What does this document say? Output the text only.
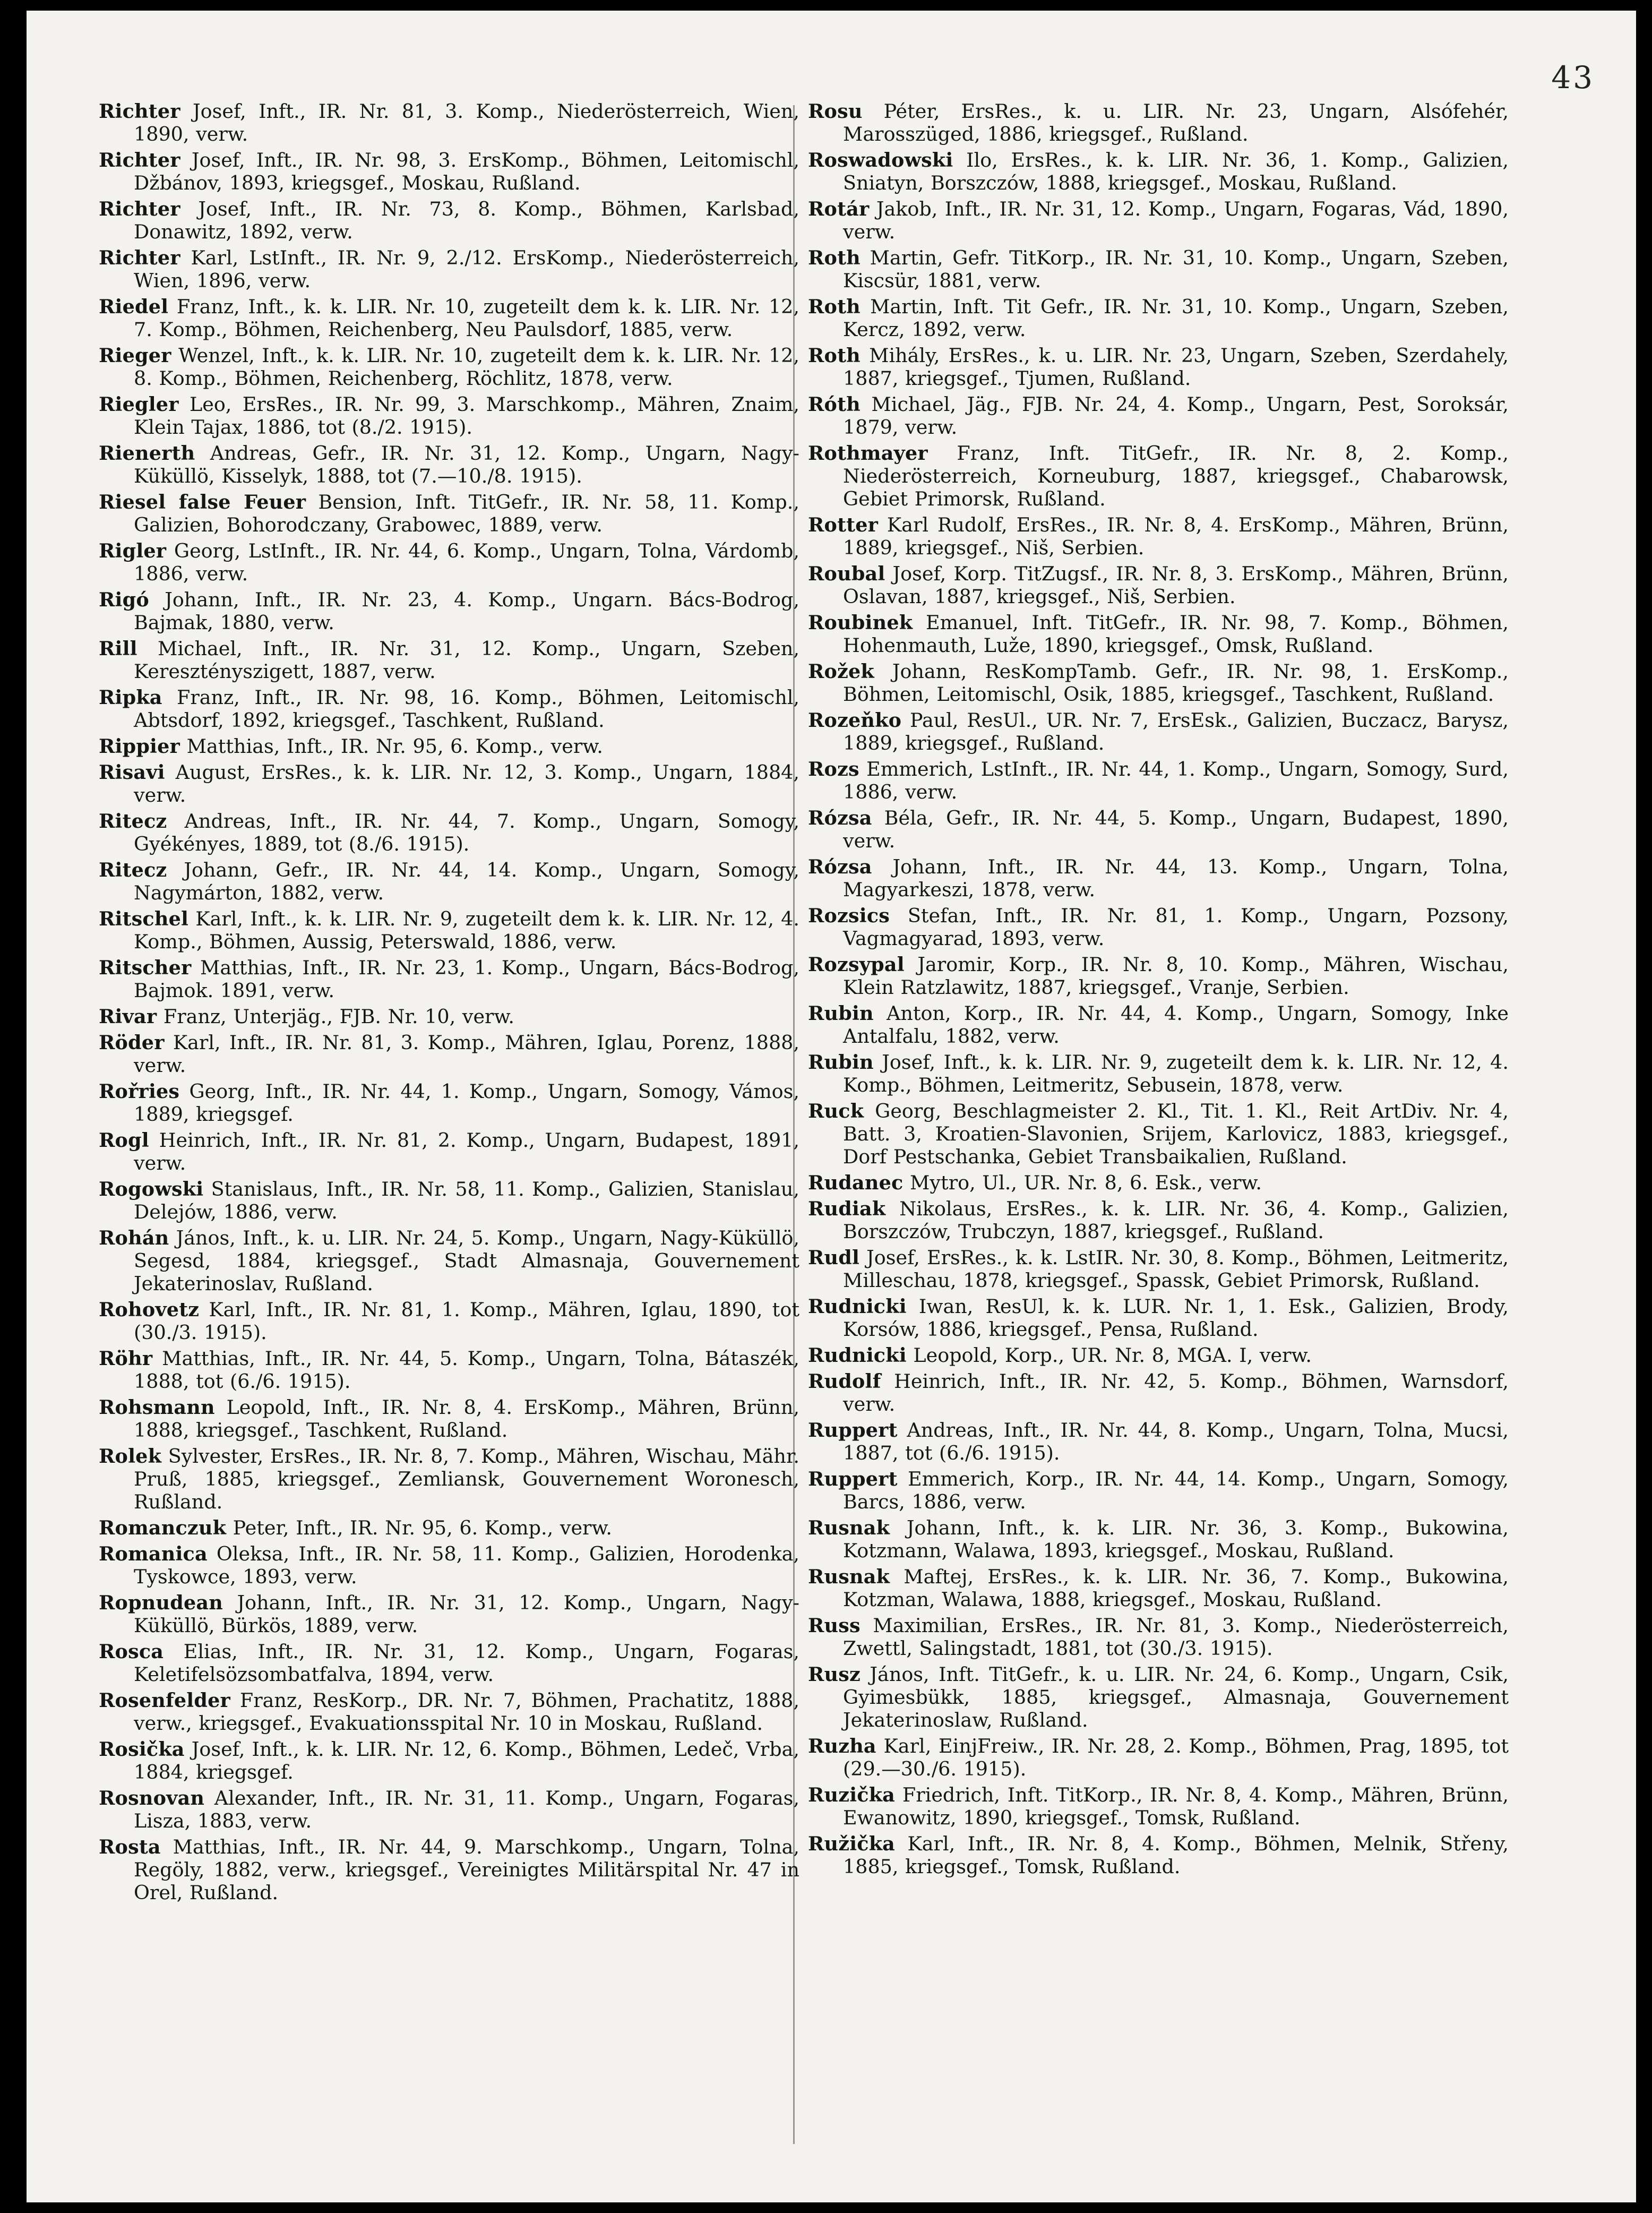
43

Richter Josef, Inft., IR. Nr. 81, 3. Komp., Niederösterreich, Wien, 1890, verw.

Richter Josef, Inft., IR. Nr. 98, 3. ErsKomp., Böhmen, Leitomischl, Džbánov, 1893, kriegsgef., Moskau, Rußland.

Richter Josef, Inft., IR. Nr. 73, 8. Komp., Böhmen, Karlsbad, Donawitz, 1892, verw.

Richter Karl, LstInft., IR. Nr. 9, 2./12. ErsKomp., Niederösterreich, Wien, 1896, verw.

Riedel Franz, Inft., k. k. LIR. Nr. 10, zugeteilt dem k. k. LIR. Nr. 12, 7. Komp., Böhmen, Reichenberg, Neu Paulsdorf, 1885, verw.

Rieger Wenzel, Inft., k. k. LIR. Nr. 10, zugeteilt dem k. k. LIR. Nr. 12, 8. Komp., Böhmen, Reichenberg, Röchlitz, 1878, verw.

Riegler Leo, ErsRes., IR. Nr. 99, 3. Marschkomp., Mähren, Znaim, Klein Tajax, 1886, tot (8./2. 1915).

Rienerth Andreas, Gefr., IR. Nr. 31, 12. Komp., Ungarn, Nagy-Küküllö, Kisselyk, 1888, tot (7.—10./8. 1915).

Riesel false Feuer Bension, Inft. TitGefr., IR. Nr. 58, 11. Komp., Galizien, Bohorodczany, Grabowec, 1889, verw.

Rigler Georg, LstInft., IR. Nr. 44, 6. Komp., Ungarn, Tolna, Várdomb, 1886, verw.

Rigó Johann, Inft., IR. Nr. 23, 4. Komp., Ungarn. Bács-Bodrog, Bajmak, 1880, verw.

Rill Michael, Inft., IR. Nr. 31, 12. Komp., Ungarn, Szeben, Keresztényszigett, 1887, verw.

Ripka Franz, Inft., IR. Nr. 98, 16. Komp., Böhmen, Leitomischl, Abtsdorf, 1892, kriegsgef., Taschkent, Rußland.

Rippier Matthias, Inft., IR. Nr. 95, 6. Komp., verw.

Risavi August, ErsRes., k. k. LIR. Nr. 12, 3. Komp., Ungarn, 1884, verw.

Ritecz Andreas, Inft., IR. Nr. 44, 7. Komp., Ungarn, Somogy, Gyékényes, 1889, tot (8./6. 1915).

Ritecz Johann, Gefr., IR. Nr. 44, 14. Komp., Ungarn, Somogy, Nagymárton, 1882, verw.

Ritschel Karl, Inft., k. k. LIR. Nr. 9, zugeteilt dem k. k. LIR. Nr. 12, 4. Komp., Böhmen, Aussig, Peterswald, 1886, verw.

Ritscher Matthias, Inft., IR. Nr. 23, 1. Komp., Ungarn, Bács-Bodrog, Bajmok. 1891, verw.

Rivar Franz, Unterjäg., FJB. Nr. 10, verw.

Röder Karl, Inft., IR. Nr. 81, 3. Komp., Mähren, Iglau, Porenz, 1888, verw.

Rořries Georg, Inft., IR. Nr. 44, 1. Komp., Ungarn, Somogy, Vámos, 1889, kriegsgef.

Rogl Heinrich, Inft., IR. Nr. 81, 2. Komp., Ungarn, Budapest, 1891, verw.

Rogowski Stanislaus, Inft., IR. Nr. 58, 11. Komp., Galizien, Stanislau, Delejów, 1886, verw.

Rohán János, Inft., k. u. LIR. Nr. 24, 5. Komp., Ungarn, Nagy-Küküllö, Segesd, 1884, kriegsgef., Stadt Almasnaja, Gouvernement Jekaterinoslav, Rußland.

Rohovetz Karl, Inft., IR. Nr. 81, 1. Komp., Mähren, Iglau, 1890, tot (30./3. 1915).

Röhr Matthias, Inft., IR. Nr. 44, 5. Komp., Ungarn, Tolna, Bátaszék, 1888, tot (6./6. 1915).

Rohsmann Leopold, Inft., IR. Nr. 8, 4. ErsKomp., Mähren, Brünn, 1888, kriegsgef., Taschkent, Rußland.

Rolek Sylvester, ErsRes., IR. Nr. 8, 7. Komp., Mähren, Wischau, Mähr. Pruß, 1885, kriegsgef., Zemliansk, Gouvernement Woronesch, Rußland.

Romanczuk Peter, Inft., IR. Nr. 95, 6. Komp., verw.

Romanica Oleksa, Inft., IR. Nr. 58, 11. Komp., Galizien, Horodenka, Tyskowce, 1893, verw.

Ropnudean Johann, Inft., IR. Nr. 31, 12. Komp., Ungarn, Nagy-Küküllö, Bürkös, 1889, verw.

Rosca Elias, Inft., IR. Nr. 31, 12. Komp., Ungarn, Fogaras, Keletifelsözsombatfalva, 1894, verw.

Rosenfelder Franz, ResKorp., DR. Nr. 7, Böhmen, Prachatitz, 1888, verw., kriegsgef., Evakuationsspital Nr. 10 in Moskau, Rußland.

Rosička Josef, Inft., k. k. LIR. Nr. 12, 6. Komp., Böhmen, Ledeč, Vrba, 1884, kriegsgef.

Rosnovan Alexander, Inft., IR. Nr. 31, 11. Komp., Ungarn, Fogaras, Lisza, 1883, verw.

Rosta Matthias, Inft., IR. Nr. 44, 9. Marschkomp., Ungarn, Tolna, Regöly, 1882, verw., kriegsgef., Vereinigtes Militärspital Nr. 47 in Orel, Rußland.

Rosu Péter, ErsRes., k. u. LIR. Nr. 23, Ungarn, Alsófehér, Marosszüged, 1886, kriegsgef., Rußland.

Roswadowski Ilo, ErsRes., k. k. LIR. Nr. 36, 1. Komp., Galizien, Sniatyn, Borszczów, 1888, kriegsgef., Moskau, Rußland.

Rotár Jakob, Inft., IR. Nr. 31, 12. Komp., Ungarn, Fogaras, Vád, 1890, verw.

Roth Martin, Gefr. TitKorp., IR. Nr. 31, 10. Komp., Ungarn, Szeben, Kiscsür, 1881, verw.

Roth Martin, Inft. Tit Gefr., IR. Nr. 31, 10. Komp., Ungarn, Szeben, Kercz, 1892, verw.

Roth Mihály, ErsRes., k. u. LIR. Nr. 23, Ungarn, Szeben, Szerdahely, 1887, kriegsgef., Tjumen, Rußland.

Róth Michael, Jäg., FJB. Nr. 24, 4. Komp., Ungarn, Pest, Soroksár, 1879, verw.

Rothmayer Franz, Inft. TitGefr., IR. Nr. 8, 2. Komp., Niederösterreich, Korneuburg, 1887, kriegsgef., Chabarowsk, Gebiet Primorsk, Rußland.

Rotter Karl Rudolf, ErsRes., IR. Nr. 8, 4. ErsKomp., Mähren, Brünn, 1889, kriegsgef., Niš, Serbien.

Roubal Josef, Korp. TitZugsf., IR. Nr. 8, 3. ErsKomp., Mähren, Brünn, Oslavan, 1887, kriegsgef., Niš, Serbien.

Roubinek Emanuel, Inft. TitGefr., IR. Nr. 98, 7. Komp., Böhmen, Hohenmauth, Luže, 1890, kriegsgef., Omsk, Rußland.

Rožek Johann, ResKompTamb. Gefr., IR. Nr. 98, 1. ErsKomp., Böhmen, Leitomischl, Osik, 1885, kriegsgef., Taschkent, Rußland.

Rozeňko Paul, ResUl., UR. Nr. 7, ErsEsk., Galizien, Buczacz, Barysz, 1889, kriegsgef., Rußland.

Rozs Emmerich, LstInft., IR. Nr. 44, 1. Komp., Ungarn, Somogy, Surd, 1886, verw.

Rózsa Béla, Gefr., IR. Nr. 44, 5. Komp., Ungarn, Budapest, 1890, verw.

Rózsa Johann, Inft., IR. Nr. 44, 13. Komp., Ungarn, Tolna, Magyarkeszi, 1878, verw.

Rozsics Stefan, Inft., IR. Nr. 81, 1. Komp., Ungarn, Pozsony, Vagmagyarad, 1893, verw.

Rozsypal Jaromir, Korp., IR. Nr. 8, 10. Komp., Mähren, Wischau, Klein Ratzlawitz, 1887, kriegsgef., Vranje, Serbien.

Rubin Anton, Korp., IR. Nr. 44, 4. Komp., Ungarn, Somogy, Inke Antalfalu, 1882, verw.

Rubin Josef, Inft., k. k. LIR. Nr. 9, zugeteilt dem k. k. LIR. Nr. 12, 4. Komp., Böhmen, Leitmeritz, Sebusein, 1878, verw.

Ruck Georg, Beschlagmeister 2. Kl., Tit. 1. Kl., Reit ArtDiv. Nr. 4, Batt. 3, Kroatien-Slavonien, Srijem, Karlovicz, 1883, kriegsgef., Dorf Pestschanka, Gebiet Transbaikalien, Rußland.

Rudanec Mytro, Ul., UR. Nr. 8, 6. Esk., verw.

Rudiak Nikolaus, ErsRes., k. k. LIR. Nr. 36, 4. Komp., Galizien, Borszczów, Trubczyn, 1887, kriegsgef., Rußland.

Rudl Josef, ErsRes., k. k. LstIR. Nr. 30, 8. Komp., Böhmen, Leitmeritz, Milleschau, 1878, kriegsgef., Spassk, Gebiet Primorsk, Rußland.

Rudnicki Iwan, ResUl, k. k. LUR. Nr. 1, 1. Esk., Galizien, Brody, Korsów, 1886, kriegsgef., Pensa, Rußland.

Rudnicki Leopold, Korp., UR. Nr. 8, MGA. I, verw.

Rudolf Heinrich, Inft., IR. Nr. 42, 5. Komp., Böhmen, Warnsdorf, verw.

Ruppert Andreas, Inft., IR. Nr. 44, 8. Komp., Ungarn, Tolna, Mucsi, 1887, tot (6./6. 1915).

Ruppert Emmerich, Korp., IR. Nr. 44, 14. Komp., Ungarn, Somogy, Barcs, 1886, verw.

Rusnak Johann, Inft., k. k. LIR. Nr. 36, 3. Komp., Bukowina, Kotzmann, Walawa, 1893, kriegsgef., Moskau, Rußland.

Rusnak Maftej, ErsRes., k. k. LIR. Nr. 36, 7. Komp., Bukowina, Kotzman, Walawa, 1888, kriegsgef., Moskau, Rußland.

Russ Maximilian, ErsRes., IR. Nr. 81, 3. Komp., Niederösterreich, Zwettl, Salingstadt, 1881, tot (30./3. 1915).

Rusz János, Inft. TitGefr., k. u. LIR. Nr. 24, 6. Komp., Ungarn, Csik, Gyimesbükk, 1885, kriegsgef., Almasnaja, Gouvernement Jekaterinoslaw, Rußland.

Ruzha Karl, EinjFreiw., IR. Nr. 28, 2. Komp., Böhmen, Prag, 1895, tot (29.—30./6. 1915).

Ruzička Friedrich, Inft. TitKorp., IR. Nr. 8, 4. Komp., Mähren, Brünn, Ewanowitz, 1890, kriegsgef., Tomsk, Rußland.

Ružička Karl, Inft., IR. Nr. 8, 4. Komp., Böhmen, Melnik, Střeny, 1885, kriegsgef., Tomsk, Rußland.
